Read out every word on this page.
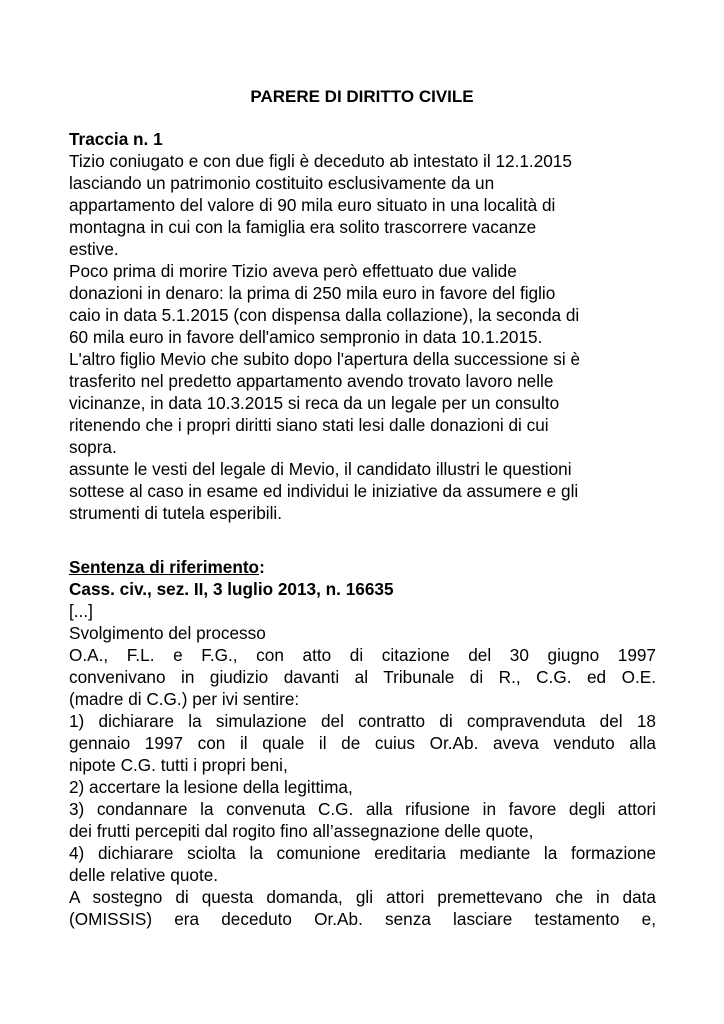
PARERE DI DIRITTO CIVILE
Traccia n. 1
Tizio coniugato e con due figli è deceduto ab intestato il 12.1.2015
lasciando un patrimonio costituito esclusivamente da un
appartamento del valore di 90 mila euro situato in una località di
montagna in cui con la famiglia era solito trascorrere vacanze
estive.
Poco prima di morire Tizio aveva però effettuato due valide
donazioni in denaro: la prima di 250 mila euro in favore del figlio
caio in data 5.1.2015 (con dispensa dalla collazione), la seconda di
60 mila euro in favore dell'amico sempronio in data 10.1.2015.
L'altro figlio Mevio che subito dopo l'apertura della successione si è
trasferito nel predetto appartamento avendo trovato lavoro nelle
vicinanze, in data 10.3.2015 si reca da un legale per un consulto
ritenendo che i propri diritti siano stati lesi dalle donazioni di cui
sopra.
assunte le vesti del legale di Mevio, il candidato illustri le questioni
sottese al caso in esame ed individui le iniziative da assumere e gli
strumenti di tutela esperibili.
Sentenza di riferimento:
Cass. civ., sez. II, 3 luglio 2013, n. 16635
[...]
Svolgimento del processo
O.A., F.L. e F.G., con atto di citazione del 30 giugno 1997
convenivano in giudizio davanti al Tribunale di R., C.G. ed O.E.
(madre di C.G.) per ivi sentire:
1) dichiarare la simulazione del contratto di compravenduta del 18
gennaio 1997 con il quale il de cuius Or.Ab. aveva venduto alla
nipote C.G. tutti i propri beni,
2) accertare la lesione della legittima,
3) condannare la convenuta C.G. alla rifusione in favore degli attori
dei frutti percepiti dal rogito fino all’assegnazione delle quote,
4) dichiarare sciolta la comunione ereditaria mediante la formazione
delle relative quote.
A sostegno di questa domanda, gli attori premettevano che in data
(OMISSIS) era deceduto Or.Ab. senza lasciare testamento e,
